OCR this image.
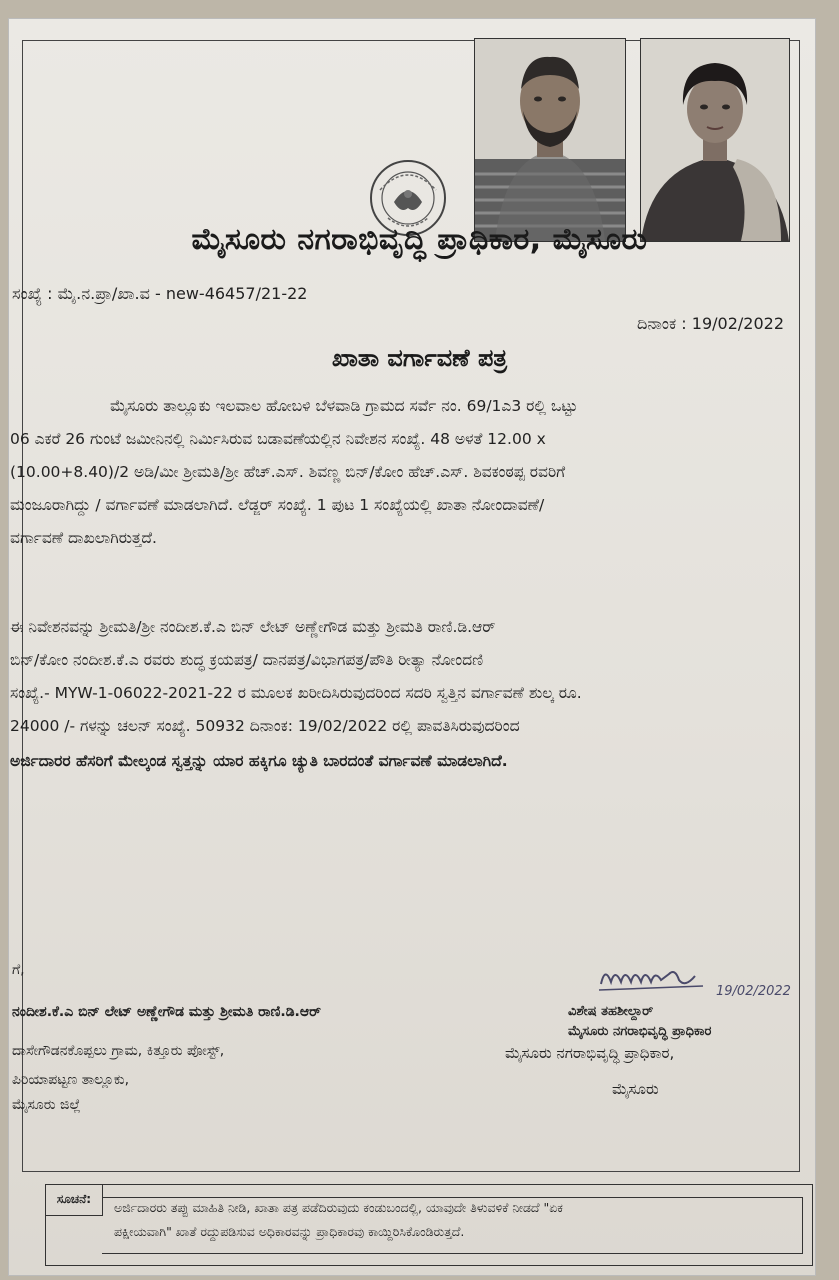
ಮೈಸೂರು ನಗರಾಭಿವೃದ್ಧಿ ಪ್ರಾಧಿಕಾರ, ಮೈಸೂರು
ಸಂಖ್ಯೆ : ಮೈ.ನ.ಪ್ರಾ/ಖಾ.ವ - new-46457/21-22
ದಿನಾಂಕ : 19/02/2022
ಖಾತಾ ವರ್ಗಾವಣೆ ಪತ್ರ
ಮೈಸೂರು ತಾಲ್ಲೂಕು ಇಲವಾಲ ಹೋಬಳಿ ಬೆಳವಾಡಿ ಗ್ರಾಮದ ಸರ್ವೆ ನಂ. 69/1ಎ3 ರಲ್ಲಿ ಒಟ್ಟು
06 ಎಕರೆ 26 ಗುಂಟೆ ಜಮೀನಿನಲ್ಲಿ ನಿರ್ಮಿಸಿರುವ ಬಡಾವಣೆಯಲ್ಲಿನ ನಿವೇಶನ ಸಂಖ್ಯೆ. 48 ಅಳತೆ 12.00 x
(10.00+8.40)/2 ಅಡಿ/ಮೀ ಶ್ರೀಮತಿ/ಶ್ರೀ ಹೆಚ್.ಎಸ್. ಶಿವಣ್ಣ ಬಿನ್/ಕೋಂ ಹೆಚ್.ಎಸ್. ಶಿವಕಂಠಪ್ಪ ರವರಿಗೆ
ಮಂಜೂರಾಗಿದ್ದು / ವರ್ಗಾವಣೆ ಮಾಡಲಾಗಿದೆ. ಲೆಡ್ಜರ್ ಸಂಖ್ಯೆ. 1 ಪುಟ 1 ಸಂಖ್ಯೆಯಲ್ಲಿ ಖಾತಾ ನೋಂದಾವಣೆ/
ವರ್ಗಾವಣೆ ದಾಖಲಾಗಿರುತ್ತದೆ.
ಈ ನಿವೇಶನವನ್ನು ಶ್ರೀಮತಿ/ಶ್ರೀ ನಂದೀಶ.ಕೆ.ಎ ಬಿನ್ ಲೇಟ್ ಅಣ್ಣೇಗೌಡ ಮತ್ತು ಶ್ರೀಮತಿ ರಾಣಿ.ಡಿ.ಆರ್
ಬಿನ್/ಕೋಂ ನಂದೀಶ.ಕೆ.ಎ ರವರು ಶುದ್ಧ ಕ್ರಯಪತ್ರ/ ದಾನಪತ್ರ/ವಿಭಾಗಪತ್ರ/ಪೌತಿ ರೀತ್ಯಾ ನೋಂದಣಿ
ಸಂಖ್ಯೆ.- MYW-1-06022-2021-22 ರ ಮೂಲಕ ಖರೀದಿಸಿರುವುದರಿಂದ ಸದರಿ ಸ್ವತ್ತಿನ ವರ್ಗಾವಣೆ ಶುಲ್ಕ ರೂ.
24000 /- ಗಳನ್ನು ಚಲನ್ ಸಂಖ್ಯೆ. 50932 ದಿನಾಂಕ: 19/02/2022 ರಲ್ಲಿ ಪಾವತಿಸಿರುವುದರಿಂದ
ಅರ್ಜಿದಾರರ ಹೆಸರಿಗೆ ಮೇಲ್ಕಂಡ ಸ್ವತ್ತನ್ನು ಯಾರ ಹಕ್ಕಿಗೂ ಚ್ಯುತಿ ಬಾರದಂತೆ ವರ್ಗಾವಣೆ ಮಾಡಲಾಗಿದೆ.
ಗೆ,
ನಂದೀಶ.ಕೆ.ಎ ಬಿನ್ ಲೇಟ್ ಅಣ್ಣೇಗೌಡ ಮತ್ತು ಶ್ರೀಮತಿ ರಾಣಿ.ಡಿ.ಆರ್
ದಾಸೇಗೌಡನಕೊಪ್ಪಲು ಗ್ರಾಮ, ಕಿತ್ತೂರು ಪೋಸ್ಟ್,
ಪಿರಿಯಾಪಟ್ಟಣ ತಾಲ್ಲೂಕು,
ಮೈಸೂರು ಜಿಲ್ಲೆ
19/02/2022
ವಿಶೇಷ ತಹಶೀಲ್ದಾರ್
ಮೈಸೂರು ನಗರಾಭಿವೃದ್ಧಿ ಪ್ರಾಧಿಕಾರ
ಮೈಸೂರು ನಗರಾಭಿವೃದ್ಧಿ ಪ್ರಾಧಿಕಾರ,
ಮೈಸೂರು
ಸೂಚನೆ:
ಅರ್ಜಿದಾರರು ತಪ್ಪು ಮಾಹಿತಿ ನೀಡಿ, ಖಾತಾ ಪತ್ರ ಪಡೆದಿರುವುದು ಕಂಡುಬಂದಲ್ಲಿ, ಯಾವುದೇ ತಿಳುವಳಿಕೆ ನೀಡದೆ "ಏಕ
ಪಕ್ಷೀಯವಾಗಿ" ಖಾತೆ ರದ್ದುಪಡಿಸುವ ಅಧಿಕಾರವನ್ನು ಪ್ರಾಧಿಕಾರವು ಕಾಯ್ದಿರಿಸಿಕೊಂಡಿರುತ್ತದೆ.
